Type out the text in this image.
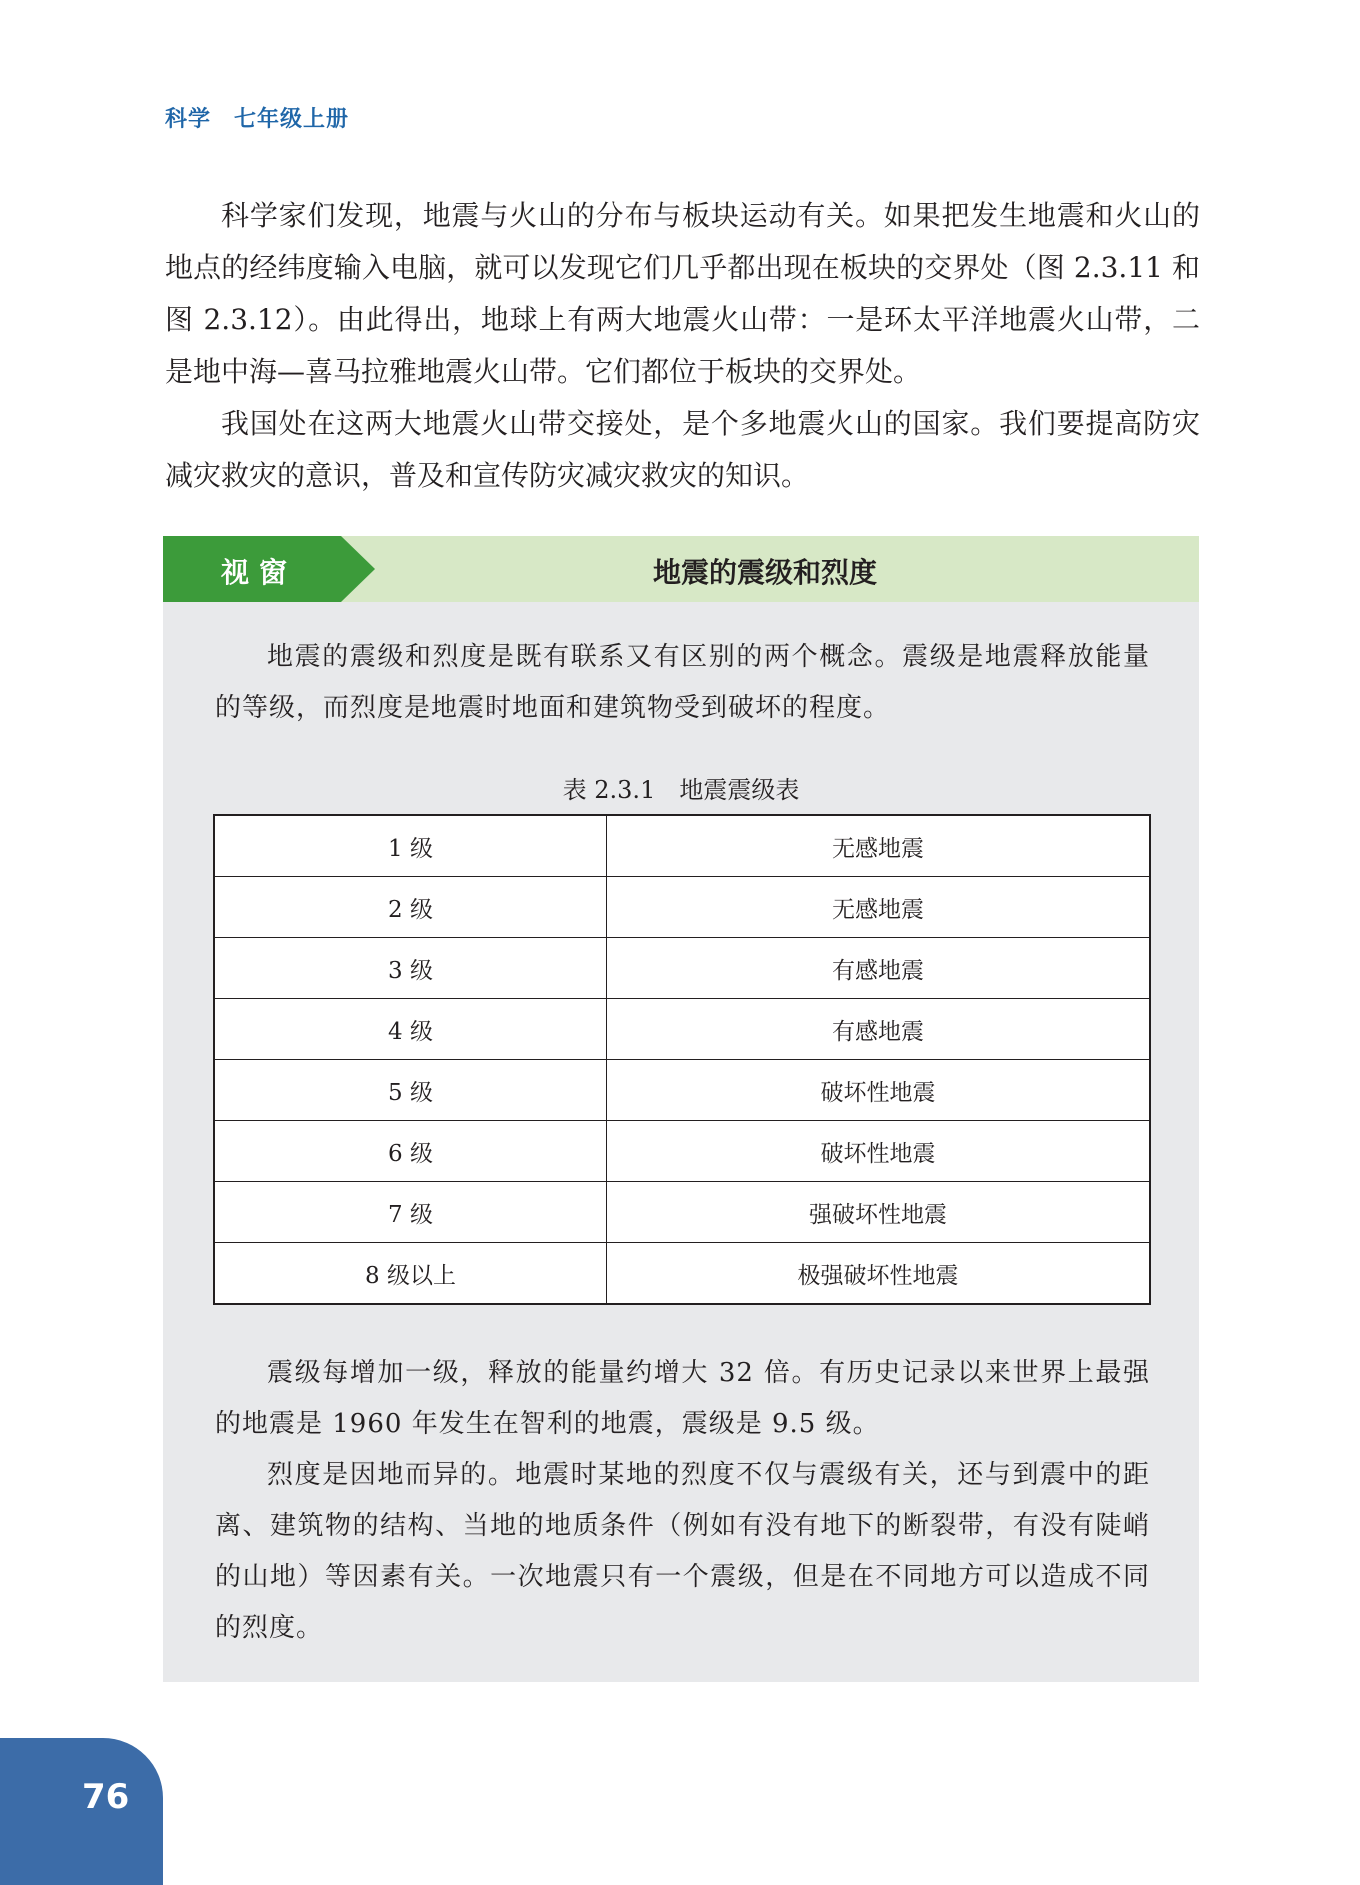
科学　七年级上册

科学家们发现，地震与火山的分布与板块运动有关。如果把发生地震和火山的地点的经纬度输入电脑，就可以发现它们几乎都出现在板块的交界处（图 2.3.11 和图 2.3.12）。由此得出，地球上有两大地震火山带：一是环太平洋地震火山带，二是地中海—喜马拉雅地震火山带。它们都位于板块的交界处。

我国处在这两大地震火山带交接处，是个多地震火山的国家。我们要提高防灾减灾救灾的意识，普及和宣传防灾减灾救灾的知识。

视窗	地震的震级和烈度

地震的震级和烈度是既有联系又有区别的两个概念。震级是地震释放能量的等级，而烈度是地震时地面和建筑物受到破坏的程度。

表 2.3.1　地震震级表
1 级	无感地震
2 级	无感地震
3 级	有感地震
4 级	有感地震
5 级	破坏性地震
6 级	破坏性地震
7 级	强破坏性地震
8 级以上	极强破坏性地震

震级每增加一级，释放的能量约增大 32 倍。有历史记录以来世界上最强的地震是 1960 年发生在智利的地震，震级是 9.5 级。

烈度是因地而异的。地震时某地的烈度不仅与震级有关，还与到震中的距离、建筑物的结构、当地的地质条件（例如有没有地下的断裂带，有没有陡峭的山地）等因素有关。一次地震只有一个震级，但是在不同地方可以造成不同的烈度。

76
